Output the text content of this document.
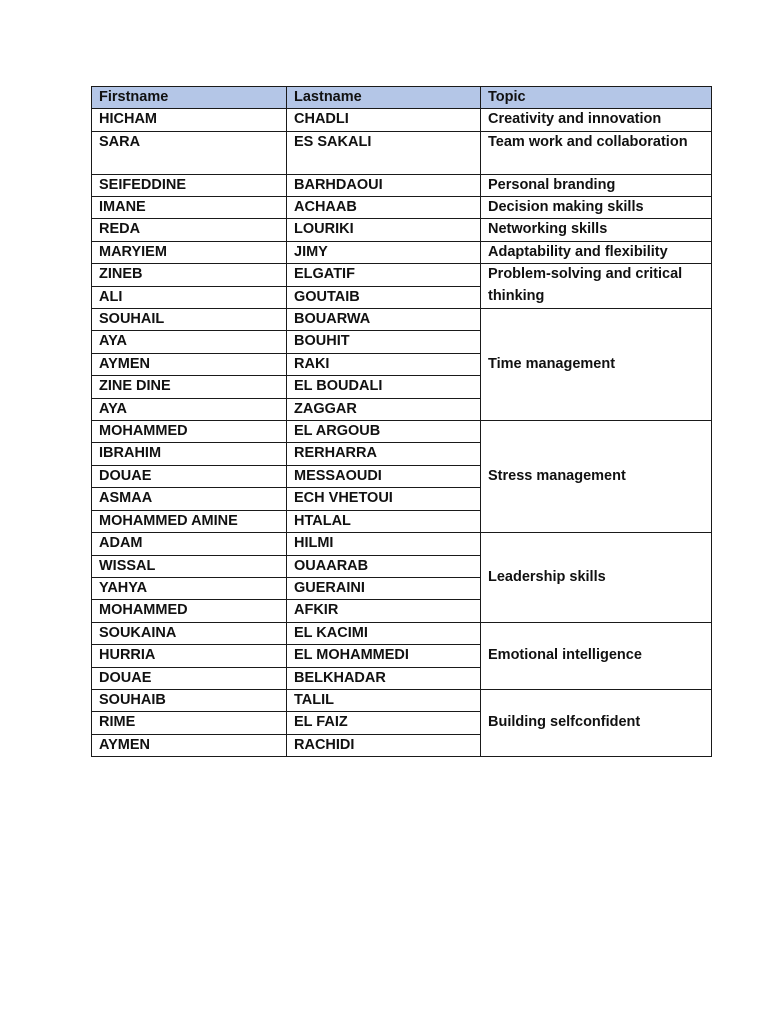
Firstname	Lastname	Topic
HICHAM	CHADLI	Creativity and innovation
SARA	ES SAKALI	Team work and collaboration
SEIFEDDINE	BARHDAOUI	Personal branding
IMANE	ACHAAB	Decision making skills
REDA	LOURIKI	Networking skills
MARYIEM	JIMY	Adaptability and flexibility
ZINEB	ELGATIF	Problem-solving and critical thinking
ALI	GOUTAIB	
SOUHAIL	BOUARWA	Time management
AYA	BOUHIT	
AYMEN	RAKI	
ZINE DINE	EL BOUDALI	
AYA	ZAGGAR	
MOHAMMED	EL ARGOUB	Stress management
IBRAHIM	RERHARRA	
DOUAE	MESSAOUDI	
ASMAA	ECH VHETOUI	
MOHAMMED AMINE	HTALAL	
ADAM	HILMI	Leadership skills
WISSAL	OUAARAB	
YAHYA	GUERAINI	
MOHAMMED	AFKIR	
SOUKAINA	EL KACIMI	Emotional intelligence
HURRIA	EL MOHAMMEDI	
DOUAE	BELKHADAR	
SOUHAIB	TALIL	Building selfconfident
RIME	EL FAIZ	
AYMEN	RACHIDI	
